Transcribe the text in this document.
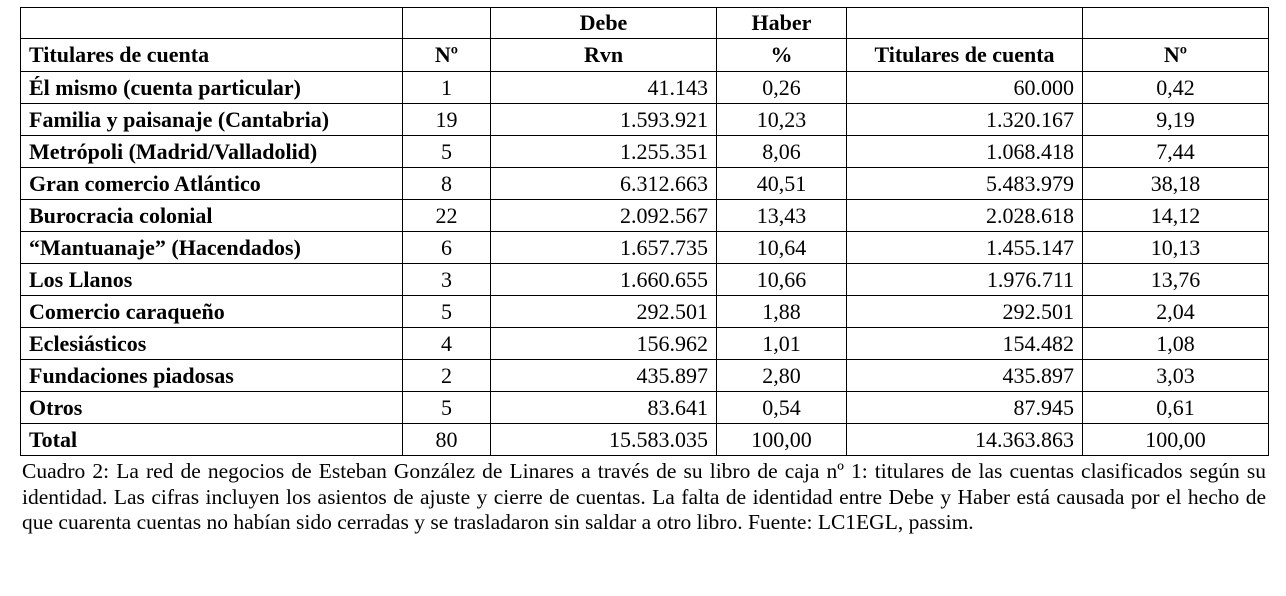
		Debe	Haber		
Titulares de cuenta	Nº	Rvn	%	Titulares de cuenta	Nº
Él mismo (cuenta particular)	1	41.143	0,26	60.000	0,42
Familia y paisanaje (Cantabria)	19	1.593.921	10,23	1.320.167	9,19
Metrópoli (Madrid/Valladolid)	5	1.255.351	8,06	1.068.418	7,44
Gran comercio Atlántico	8	6.312.663	40,51	5.483.979	38,18
Burocracia colonial	22	2.092.567	13,43	2.028.618	14,12
“Mantuanaje” (Hacendados)	6	1.657.735	10,64	1.455.147	10,13
Los Llanos	3	1.660.655	10,66	1.976.711	13,76
Comercio caraqueño	5	292.501	1,88	292.501	2,04
Eclesiásticos	4	156.962	1,01	154.482	1,08
Fundaciones piadosas	2	435.897	2,80	435.897	3,03
Otros	5	83.641	0,54	87.945	0,61
Total	80	15.583.035	100,00	14.363.863	100,00
Cuadro 2: La red de negocios de Esteban González de Linares a través de su libro de caja nº 1: titulares de las cuentas clasificados según su identidad. Las cifras incluyen los asientos de ajuste y cierre de cuentas. La falta de identidad entre Debe y Haber está causada por el hecho de que cuarenta cuentas no habían sido cerradas y se trasladaron sin saldar a otro libro. Fuente: LC1EGL, passim.
